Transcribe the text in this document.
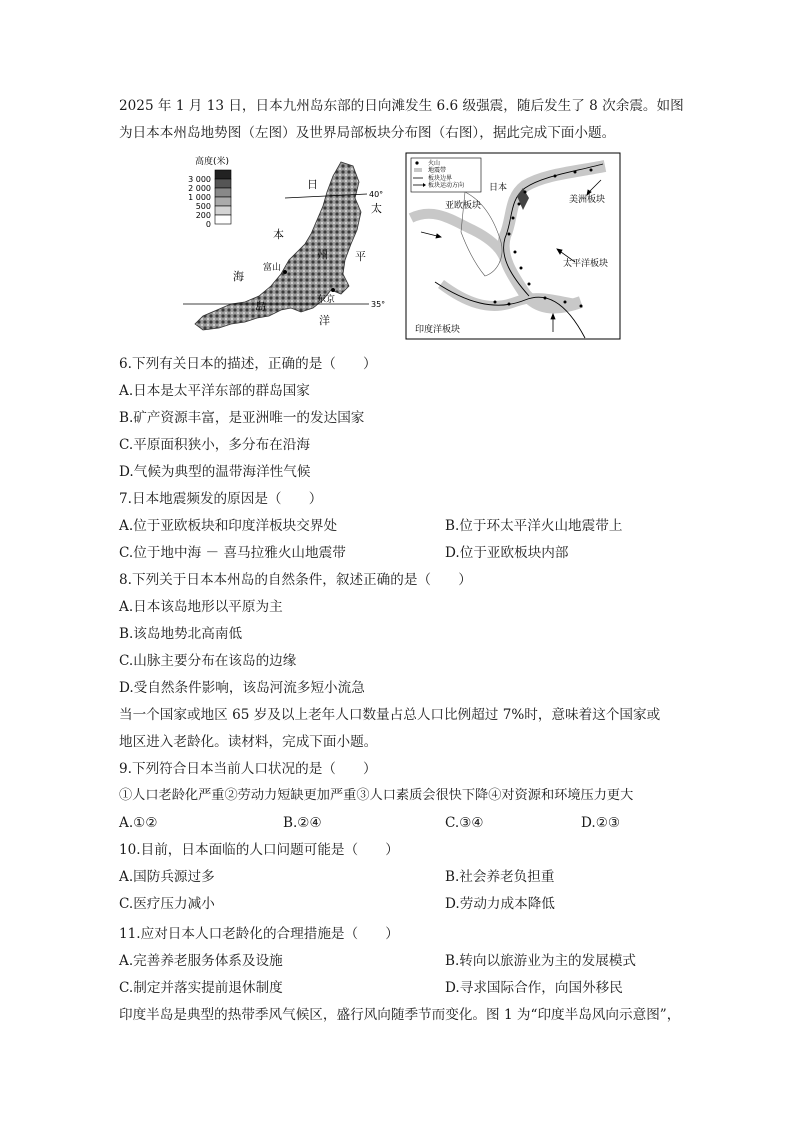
2025 年 1 月 13 日，日本九州岛东部的日向滩发生 6.6 级强震，随后发生了 8 次余震。如图
为日本本州岛地势图（左图）及世界局部板块分布图（右图），据此完成下面小题。
高度(米)
3 000
2 000
1 000
500
200
0
40°
35°
日
本
海
太
平
洋
州
岛
富山
东京
火山
地震带
板块边界
板块运动方向	日本
亚欧板块
美洲板块
太平洋板块
印度洋板块
6.下列有关日本的描述，正确的是（　　）
A.日本是太平洋东部的群岛国家
B.矿产资源丰富，是亚洲唯一的发达国家
C.平原面积狭小，多分布在沿海
D.气候为典型的温带海洋性气候
7.日本地震频发的原因是（　　）
A.位于亚欧板块和印度洋板块交界处	B.位于环太平洋火山地震带上
C.位于地中海 － 喜马拉雅火山地震带	D.位于亚欧板块内部
8.下列关于日本本州岛的自然条件，叙述正确的是（　　）
A.日本该岛地形以平原为主
B.该岛地势北高南低
C.山脉主要分布在该岛的边缘
D.受自然条件影响，该岛河流多短小流急
当一个国家或地区 65 岁及以上老年人口数量占总人口比例超过 7%时，意味着这个国家或
地区进入老龄化。读材料，完成下面小题。
9.下列符合日本当前人口状况的是（　　）
①人口老龄化严重②劳动力短缺更加严重③人口素质会很快下降④对资源和环境压力更大
A.①②	B.②④	C.③④	D.②③
10.目前，日本面临的人口问题可能是（　　）
A.国防兵源过多	B.社会养老负担重
C.医疗压力减小	D.劳动力成本降低
11.应对日本人口老龄化的合理措施是（　　）
A.完善养老服务体系及设施	B.转向以旅游业为主的发展模式
C.制定并落实提前退休制度	D.寻求国际合作，向国外移民
印度半岛是典型的热带季风气候区，盛行风向随季节而变化。图 1 为“印度半岛风向示意图”，
